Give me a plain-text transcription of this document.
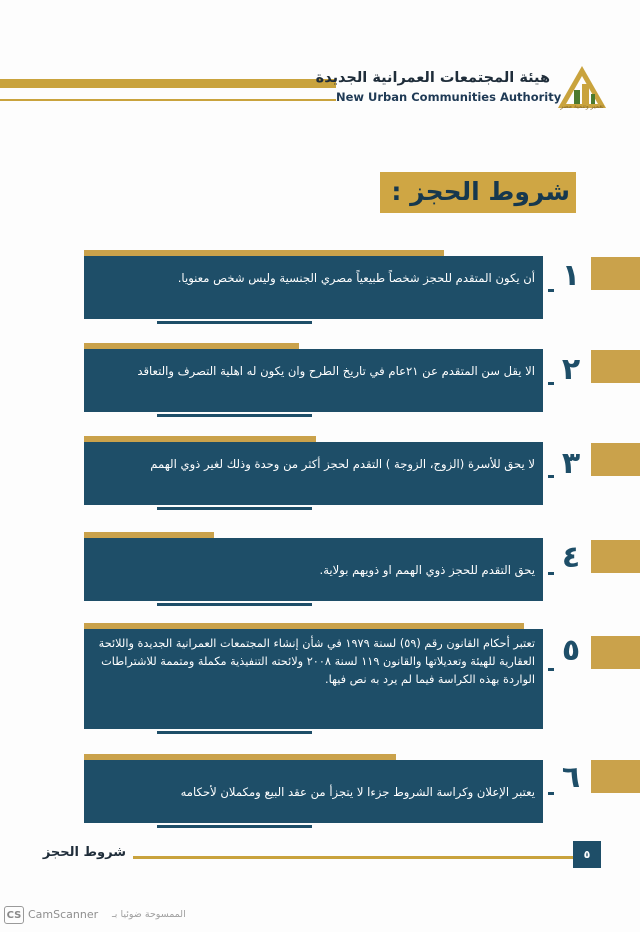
هيئة المجتمعات العمرانية الجديدة
New Urban Communities Authority
تعمير وتنمية مصر
شروط الحجز :
أن يكون المتقدم للحجز شخصاً طبيعياً مصري الجنسية وليس شخص معنويا. ١
الا يقل سن المتقدم عن ٢١عام في تاريخ الطرح وان يكون له اهلية التصرف والتعاقد ٢
لا يحق للأسرة (الزوج، الزوجة ) التقدم لحجز أكثر من وحدة وذلك لغير ذوي الهمم ٣
يحق التقدم للحجز ذوي الهمم او ذويهم بولاية. ٤
تعتبر أحكام القانون رقم (٥٩) لسنة ١٩٧٩ في شأن إنشاء المجتمعات العمرانية الجديدة واللائحة العقارية للهيئة وتعديلاتها والقانون ١١٩ لسنة ٢٠٠٨ ولائحته التنفيذية مكملة ومتممة للاشتراطات الواردة بهذه الكراسة فيما لم يرد به نص فيها.
٥
يعتبر الإعلان وكراسة الشروط جزءا لا يتجزأ من عقد البيع ومكملان لأحكامه ٦
شروط الحجز	٥
CS CamScanner الممسوحة ضوئيا بـ
